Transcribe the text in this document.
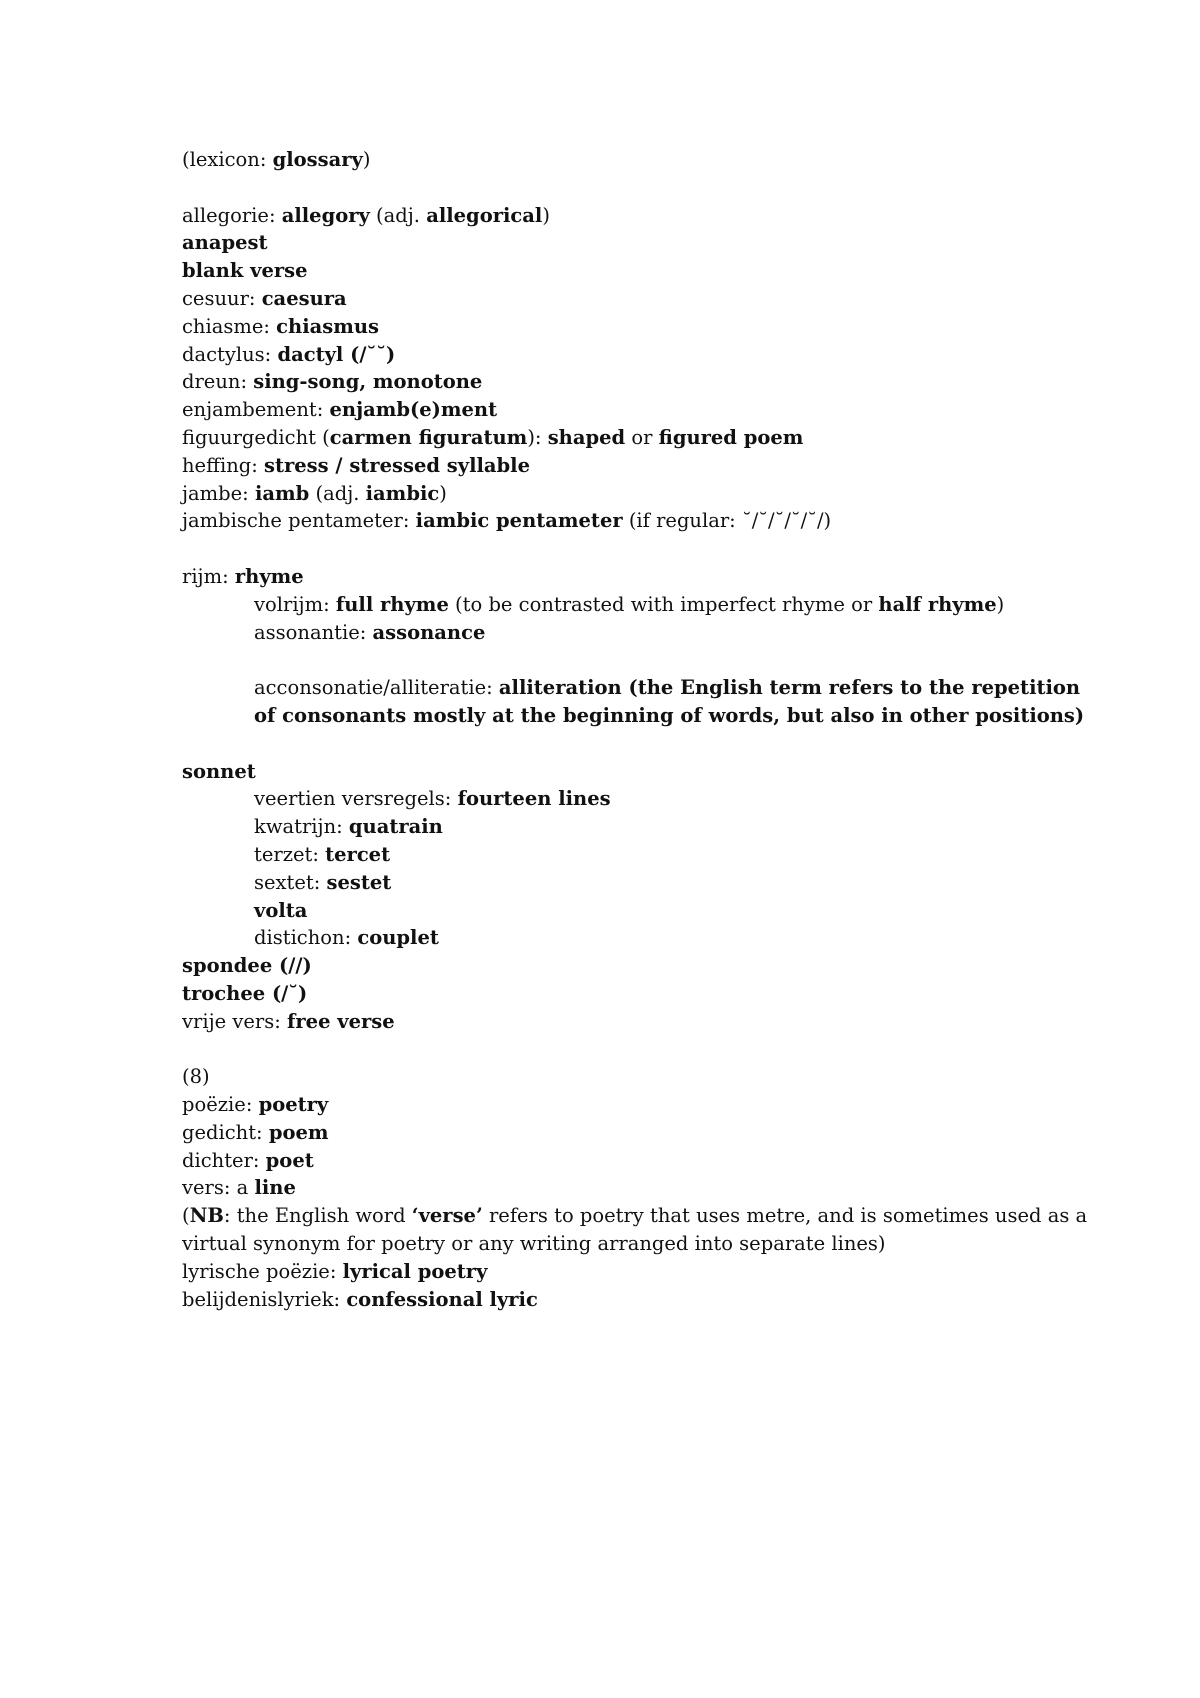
(lexicon: glossary)
allegorie: allegory (adj. allegorical)
anapest
blank verse
cesuur: caesura
chiasme: chiasmus
dactylus: dactyl (/˘˘)
dreun: sing-song, monotone
enjambement: enjamb(e)ment
figuurgedicht (carmen figuratum): shaped or figured poem
heffing: stress / stressed syllable
jambe: iamb (adj. iambic)
jambische pentameter: iambic pentameter (if regular: ˘/˘/˘/˘/˘/)
rijm: rhyme
volrijm: full rhyme (to be contrasted with imperfect rhyme or half rhyme)
assonantie: assonance
acconsonatie/alliteratie: alliteration (the English term refers to the repetition of consonants mostly at the beginning of words, but also in other positions)
sonnet
veertien versregels: fourteen lines
kwatrijn: quatrain
terzet: tercet
sextet: sestet
volta
distichon: couplet
spondee (//)
trochee (/˘)
vrije vers: free verse
(8)
poëzie: poetry
gedicht: poem
dichter: poet
vers: a line
(NB: the English word ‘verse’ refers to poetry that uses metre, and is sometimes used as a virtual synonym for poetry or any writing arranged into separate lines)
lyrische poëzie: lyrical poetry
belijdenislyriek: confessional lyric
